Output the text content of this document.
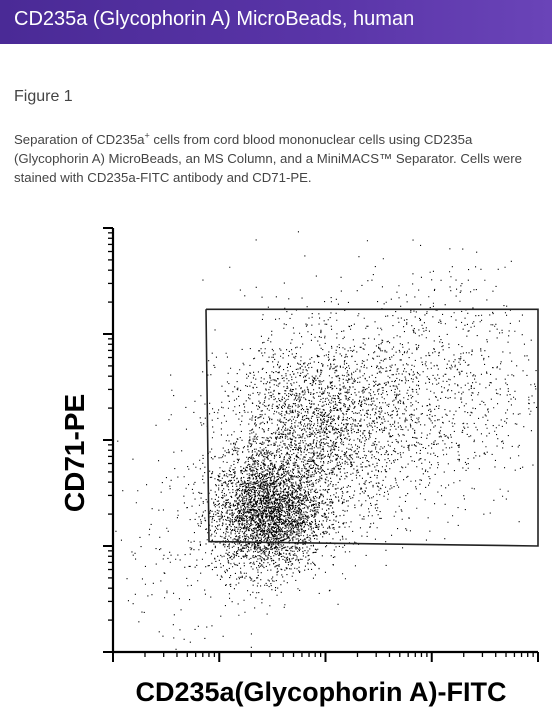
CD235a (Glycophorin A) MicroBeads, human
Figure 1
Separation of CD235a+ cells from cord blood mononuclear cells using CD235a (Glycophorin A) MicroBeads, an MS Column, and a MiniMACS™ Separator. Cells were stained with CD235a-FITC antibody and CD71-PE.
CD71-PE
CD235a(Glycophorin A)-FITC
